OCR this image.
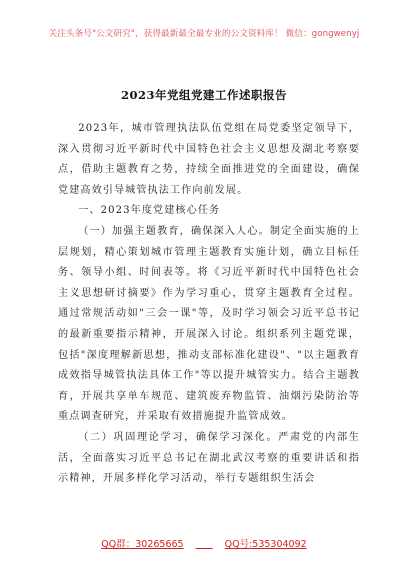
关注头条号"公文研究"，获得最新最全最专业的公文资料库！ 微信：gongwenyj
2023年党组党建工作述职报告

2023年，城市管理执法队伍党组在局党委坚定领导下，深入贯彻习近平新时代中国特色社会主义思想及湖北考察要点，借助主题教育之势，持续全面推进党的全面建设，确保党建高效引导城管执法工作向前发展。

一、2023年度党建核心任务

（一）加强主题教育，确保深入人心。制定全面实施的上层规划，精心策划城市管理主题教育实施计划，确立目标任务、领导小组、时间表等。将《习近平新时代中国特色社会主义思想研讨摘要》作为学习重心，贯穿主题教育全过程。通过常规活动如"三会一课"等，及时学习领会习近平总书记的最新重要指示精神，开展深入讨论。组织系列主题党课，包括"深度理解新思想，推动支部标准化建设"、"以主题教育成效指导城管执法具体工作"等以提升城管实力。结合主题教育，开展共享单车规范、建筑废弃物监管、油烟污染防治等重点调查研究，并采取有效措施提升监管成效。

（二）巩固理论学习，确保学习深化。严肃党的内部生活，全面落实习近平总书记在湖北武汉考察的重要讲话和指示精神，开展多样化学习活动，举行专题组织生活会

QQ群：30265665	QQ号:535304092
